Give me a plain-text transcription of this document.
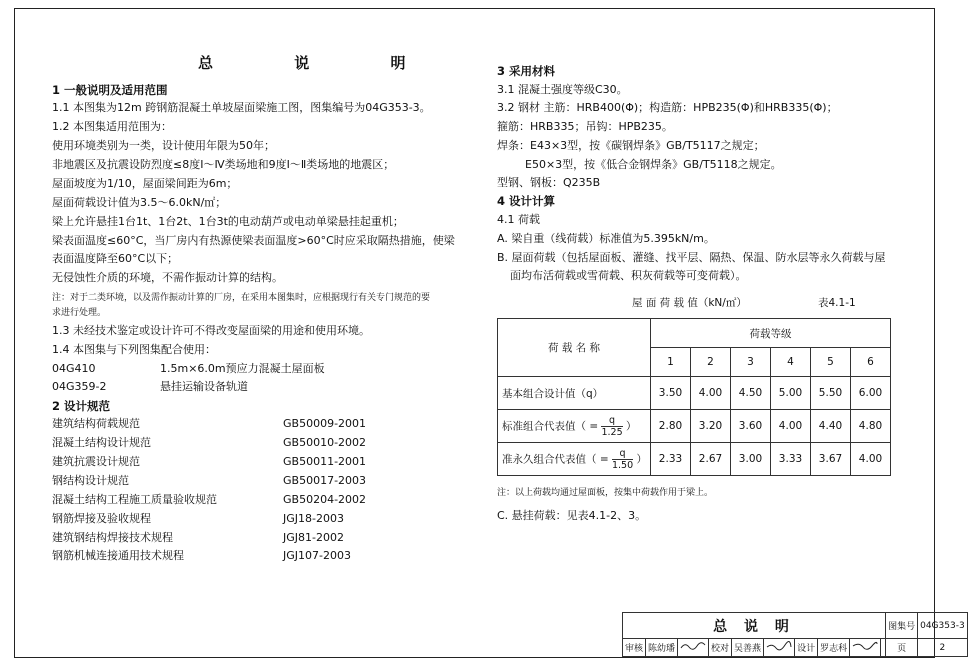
总 说 明
1 一般说明及适用范围
1.1 本图集为12m 跨钢筋混凝土单坡屋面梁施工图，图集编号为04G353-3。
1.2 本图集适用范围为：
使用环境类别为一类，设计使用年限为50年；
非地震区及抗震设防烈度≤8度Ⅰ～Ⅳ类场地和9度Ⅰ～Ⅱ类场地的地震区；
屋面坡度为1/10，屋面梁间距为6m；
屋面荷载设计值为3.5～6.0kN/㎡；
梁上允许悬挂1台1t、1台2t、1台3t的电动葫芦或电动单梁悬挂起重机；
梁表面温度≤60°C，当厂房内有热源使梁表面温度>60°C时应采取隔热措施，使梁
表面温度降至60°C以下；
无侵蚀性介质的环境，不需作振动计算的结构。
注：对于二类环境，以及需作振动计算的厂房，在采用本图集时，应根据现行有关专门规范的要
求进行处理。
1.3 未经技术鉴定或设计许可不得改变屋面梁的用途和使用环境。
1.4 本图集与下列图集配合使用：
04G410	1.5m×6.0m预应力混凝土屋面板
04G359-2	悬挂运输设备轨道
2 设计规范
建筑结构荷载规范	GB50009-2001
混凝土结构设计规范	GB50010-2002
建筑抗震设计规范	GB50011-2001
钢结构设计规范	GB50017-2003
混凝土结构工程施工质量验收规范	GB50204-2002
钢筋焊接及验收规程	JGJ18-2003
建筑钢结构焊接技术规程	JGJ81-2002
钢筋机械连接通用技术规程	JGJ107-2003
3 采用材料
3.1 混凝土强度等级C30。
3.2 钢材 主筋：HRB400(Φ)；构造筋：HPB235(Φ)和HRB335(Φ)；
箍筋：HRB335；吊钩：HPB235。
焊条：E43×3型，按《碳钢焊条》GB/T5117之规定；
E50×3型，按《低合金钢焊条》GB/T5118之规定。
型钢、钢板：Q235B
4 设计计算
4.1 荷载
A. 梁自重（线荷载）标准值为5.395kN/m。
B. 屋面荷载（包括屋面板、灌缝、找平层、隔热、保温、防水层等永久荷载与屋
面均布活荷载或雪荷载、积灰荷载等可变荷载）。
屋 面 荷 载 值（kN/㎡）	表4.1-1
荷 载 名 称	荷载等级					
	1	2	3	4	5	6
基本组合设计值（q）	3.50	4.00	4.50	5.00	5.50	6.00
标准组合代表值（ = $\frac{q}{1.25}$ ）	2.80	3.20	3.60	4.00	4.40	4.80
准永久组合代表值（ = $\frac{q}{1.50}$ ）	2.33	2.67	3.00	3.33	3.67	4.00
注：以上荷载均通过屋面板，按集中荷载作用于梁上。
C. 悬挂荷载：见表4.1-2、3。
总 说 明										图集号	04G353-3
审核	陈幼璠		校对	吴善燕		设计	罗志科			页	2
